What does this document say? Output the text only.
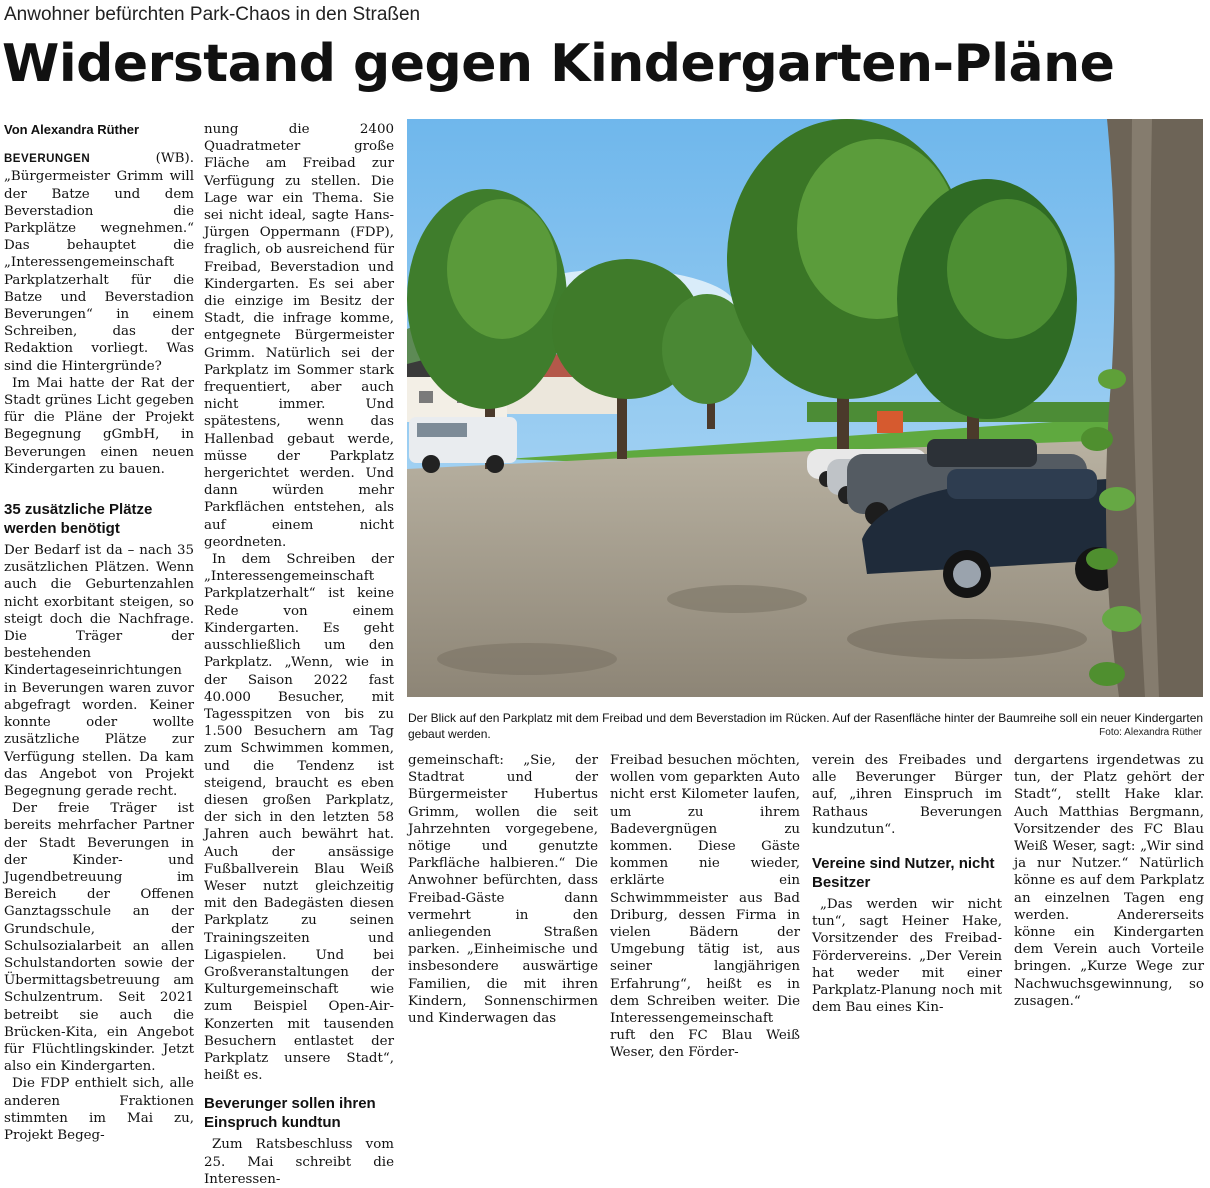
Anwohner befürchten Park-Chaos in den Straßen
Widerstand gegen Kindergarten-Pläne
Von Alexandra Rüther

BEVERUNGEN (WB). „Bürgermeister Grimm will der Batze und dem Beverstadion die Parkplätze wegnehmen.“ Das behauptet die „Interessengemeinschaft Parkplatzerhalt für die Batze und Beverstadion Beverungen“ in einem Schreiben, das der Redaktion vorliegt. Was sind die Hintergründe?

Im Mai hatte der Rat der Stadt grünes Licht gegeben für die Pläne der Projekt Begegnung gGmbH, in Beverungen einen neuen Kindergarten zu bauen.

35 zusätzliche Plätze werden benötigt

Der Bedarf ist da – nach 35 zusätzlichen Plätzen. Wenn auch die Geburtenzahlen nicht exorbitant steigen, so steigt doch die Nachfrage. Die Träger der bestehenden Kindertageseinrichtungen in Beverungen waren zuvor abgefragt worden. Keiner konnte oder wollte zusätzliche Plätze zur Verfügung stellen. Da kam das Angebot von Projekt Begegnung gerade recht.

Der freie Träger ist bereits mehrfacher Partner der Stadt Beverungen in der Kinder- und Jugendbetreuung im Bereich der Offenen Ganztagsschule an der Grundschule, der Schulsozialarbeit an allen Schulstandorten sowie der Übermittagsbetreuung am Schulzentrum. Seit 2021 betreibt sie auch die Brücken-Kita, ein Angebot für Flüchtlingskinder. Jetzt also ein Kindergarten.

Die FDP enthielt sich, alle anderen Fraktionen stimmten im Mai zu, Projekt Begeg-

nung die 2400 Quadratmeter große Fläche am Freibad zur Verfügung zu stellen. Die Lage war ein Thema. Sie sei nicht ideal, sagte Hans-Jürgen Oppermann (FDP), fraglich, ob ausreichend für Freibad, Beverstadion und Kindergarten. Es sei aber die einzige im Besitz der Stadt, die infrage komme, entgegnete Bürgermeister Grimm. Natürlich sei der Parkplatz im Sommer stark frequentiert, aber auch nicht immer. Und spätestens, wenn das Hallenbad gebaut werde, müsse der Parkplatz hergerichtet werden. Und dann würden mehr Parkflächen entstehen, als auf einem nicht geordneten.

In dem Schreiben der „Interessengemeinschaft Parkplatzerhalt“ ist keine Rede von einem Kindergarten. Es geht ausschließlich um den Parkplatz. „Wenn, wie in der Saison 2022 fast 40.000 Besucher, mit Tagesspitzen von bis zu 1.500 Besuchern am Tag zum Schwimmen kommen, und die Tendenz ist steigend, braucht es eben diesen großen Parkplatz, der sich in den letzten 58 Jahren auch bewährt hat. Auch der ansässige Fußballverein Blau Weiß Weser nutzt gleichzeitig mit den Badegästen diesen Parkplatz zu seinen Trainingszeiten und Ligaspielen. Und bei Großveranstaltungen der Kulturgemeinschaft wie zum Beispiel Open-Air-Konzerten mit tausenden Besuchern entlastet der Parkplatz unsere Stadt“, heißt es.

Beverunger sollen ihren Einspruch kundtun

Zum Ratsbeschluss vom 25. Mai schreibt die Interessen-

Der Blick auf den Parkplatz mit dem Freibad und dem Beverstadion im Rücken. Auf der Rasenfläche hinter der Baumreihe soll ein neuer Kindergarten gebaut werden.	Foto: Alexandra Rüther

gemeinschaft: „Sie, der Stadtrat und der Bürgermeister Hubertus Grimm, wollen die seit Jahrzehnten vorgegebene, nötige und genutzte Parkfläche halbieren.“ Die Anwohner befürchten, dass Freibad-Gäste dann vermehrt in den anliegenden Straßen parken. „Einheimische und insbesondere auswärtige Familien, die mit ihren Kindern, Sonnenschirmen und Kinderwagen das

Freibad besuchen möchten, wollen vom geparkten Auto nicht erst Kilometer laufen, um zu ihrem Badevergnügen zu kommen. Diese Gäste kommen nie wieder, erklärte ein Schwimmmeister aus Bad Driburg, dessen Firma in vielen Bädern der Umgebung tätig ist, aus seiner langjährigen Erfahrung“, heißt es in dem Schreiben weiter. Die Interessengemeinschaft ruft den FC Blau Weiß Weser, den Förder-

verein des Freibades und alle Beverunger Bürger auf, „ihren Einspruch im Rathaus Beverungen kundzutun“.

Vereine sind Nutzer, nicht Besitzer

„Das werden wir nicht tun“, sagt Heiner Hake, Vorsitzender des Freibad-Fördervereins. „Der Verein hat weder mit einer Parkplatz-Planung noch mit dem Bau eines Kin-

dergartens irgendetwas zu tun, der Platz gehört der Stadt“, stellt Hake klar. Auch Matthias Bergmann, Vorsitzender des FC Blau Weiß Weser, sagt: „Wir sind ja nur Nutzer.“ Natürlich könne es auf dem Parkplatz an einzelnen Tagen eng werden. Andererseits könne ein Kindergarten dem Verein auch Vorteile bringen. „Kurze Wege zur Nachwuchsgewinnung, so zusagen.“
